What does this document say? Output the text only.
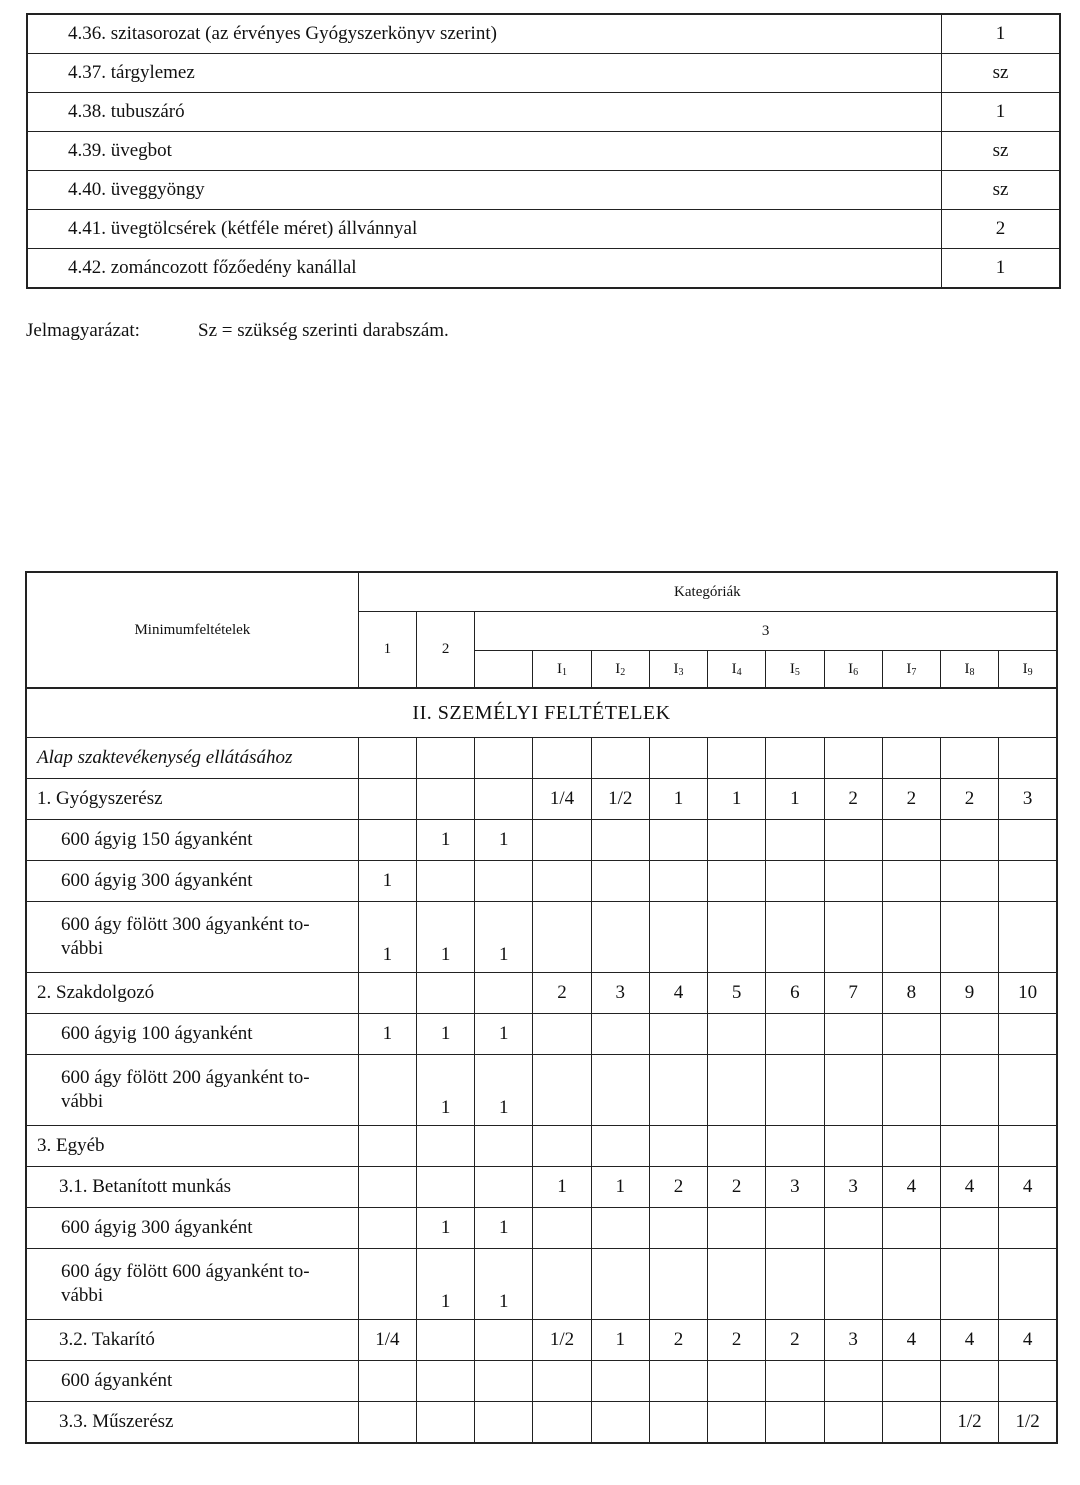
4.36. szitasorozat (az érvényes Gyógyszerkönyv szerint)	1
4.37. tárgylemez	sz
4.38. tubuszáró	1
4.39. üvegbot	sz
4.40. üveggyöngy	sz
4.41. üvegtölcsérek (kétféle méret) állvánnyal	2
4.42. zománcozott főzőedény kanállal	1
Jelmagyarázat:	Sz = szükség szerinti darabszám.
Minimumfeltételek	Kategóriák											
	1	2	3									
				$I_1$	$I_2$	$I_3$	$I_4$	$I_5$	$I_6$	$I_7$	$I_8$	$I_9$
II. SZEMÉLYI FELTÉTELEK												
Alap szaktevékenység ellátásához												
1. Gyógyszerész				1/4	1/2	1	1	1	2	2	2	3
600 ágyig 150 ágyanként		1	1									
600 ágyig 300 ágyanként	1											

600 ágy fölött 300 ágyanként to-
vábbi	1	1	1									
2. Szakdolgozó				2	3	4	5	6	7	8	9	10
600 ágyig 100 ágyanként	1	1	1									

600 ágy fölött 200 ágyanként to-
vábbi		1	1									
3. Egyéb												
3.1. Betanított munkás				1	1	2	2	3	3	4	4	4
600 ágyig 300 ágyanként		1	1									

600 ágy fölött 600 ágyanként to-
vábbi		1	1									
3.2. Takarító	1/4			1/2	1	2	2	2	3	4	4	4
600 ágyanként												
3.3. Műszerész											1/2	1/2
